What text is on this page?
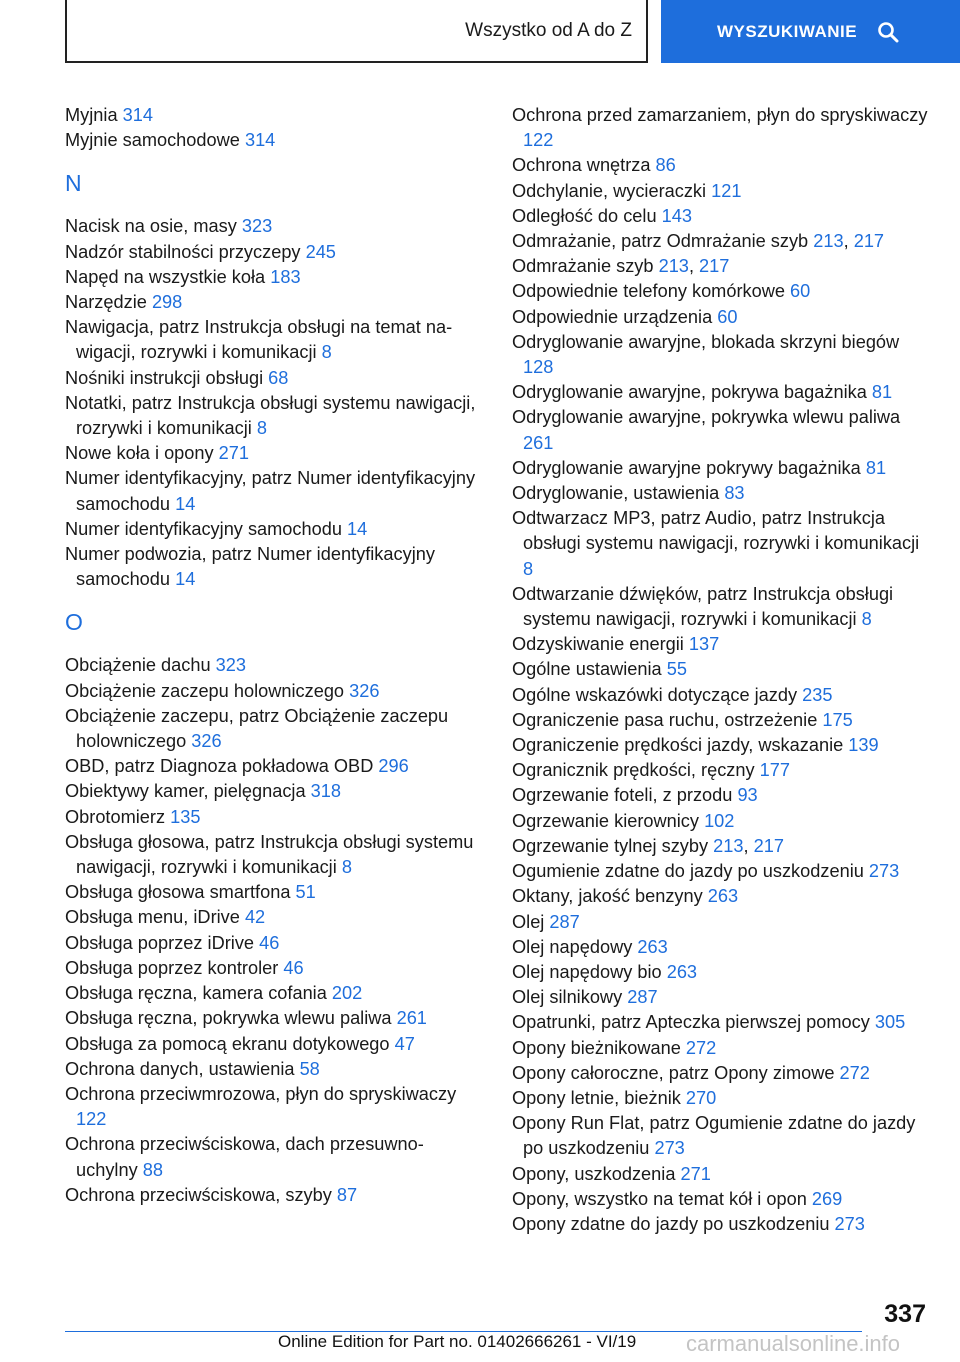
Wszystko od A do Z	WYSZUKIWANIE
Myjnia 314
Myjnie samochodowe 314
N
Nacisk na osie, masy 323
Nadzór stabilności przyczepy 245
Napęd na wszystkie koła 183
Narzędzie 298
Nawigacja, patrz Instrukcja obsługi na temat nawigacji, rozrywki i komunikacji 8
Nośniki instrukcji obsługi 68
Notatki, patrz Instrukcja obsługi systemu nawigacji, rozrywki i komunikacji 8
Nowe koła i opony 271
Numer identyfikacyjny, patrz Numer identyfikacyjny samochodu 14
Numer identyfikacyjny samochodu 14
Numer podwozia, patrz Numer identyfikacyjny samochodu 14
O
Obciążenie dachu 323
Obciążenie zaczepu holowniczego 326
Obciążenie zaczepu, patrz Obciążenie zaczepu holowniczego 326
OBD, patrz Diagnoza pokładowa OBD 296
Obiektywy kamer, pielęgnacja 318
Obrotomierz 135
Obsługa głosowa, patrz Instrukcja obsługi systemu nawigacji, rozrywki i komunikacji 8
Obsługa głosowa smartfona 51
Obsługa menu, iDrive 42
Obsługa poprzez iDrive 46
Obsługa poprzez kontroler 46
Obsługa ręczna, kamera cofania 202
Obsługa ręczna, pokrywka wlewu paliwa 261
Obsługa za pomocą ekranu dotykowego 47
Ochrona danych, ustawienia 58
Ochrona przeciwmrozowa, płyn do spryskiwaczy 122
Ochrona przeciwściskowa, dach przesuwno-uchylny 88
Ochrona przeciwściskowa, szyby 87
Ochrona przed zamarzaniem, płyn do spryskiwaczy 122
Ochrona wnętrza 86
Odchylanie, wycieraczki 121
Odległość do celu 143
Odmrażanie, patrz Odmrażanie szyb 213, 217
Odmrażanie szyb 213, 217
Odpowiednie telefony komórkowe 60
Odpowiednie urządzenia 60
Odryglowanie awaryjne, blokada skrzyni biegów 128
Odryglowanie awaryjne, pokrywa bagażnika 81
Odryglowanie awaryjne, pokrywka wlewu paliwa 261
Odryglowanie awaryjne pokrywy bagażnika 81
Odryglowanie, ustawienia 83
Odtwarzacz MP3, patrz Audio, patrz Instrukcja obsługi systemu nawigacji, rozrywki i komunikacji 8
Odtwarzanie dźwięków, patrz Instrukcja obsługi systemu nawigacji, rozrywki i komunikacji 8
Odzyskiwanie energii 137
Ogólne ustawienia 55
Ogólne wskazówki dotyczące jazdy 235
Ograniczenie pasa ruchu, ostrzeżenie 175
Ograniczenie prędkości jazdy, wskazanie 139
Ogranicznik prędkości, ręczny 177
Ogrzewanie foteli, z przodu 93
Ogrzewanie kierownicy 102
Ogrzewanie tylnej szyby 213, 217
Ogumienie zdatne do jazdy po uszkodzeniu 273
Oktany, jakość benzyny 263
Olej 287
Olej napędowy 263
Olej napędowy bio 263
Olej silnikowy 287
Opatrunki, patrz Apteczka pierwszej pomocy 305
Opony bieżnikowane 272
Opony całoroczne, patrz Opony zimowe 272
Opony letnie, bieżnik 270
Opony Run Flat, patrz Ogumienie zdatne do jazdy po uszkodzeniu 273
Opony, uszkodzenia 271
Opony, wszystko na temat kół i opon 269
Opony zdatne do jazdy po uszkodzeniu 273
337
Online Edition for Part no. 01402666261 - VI/19 carmanualsonline.info
